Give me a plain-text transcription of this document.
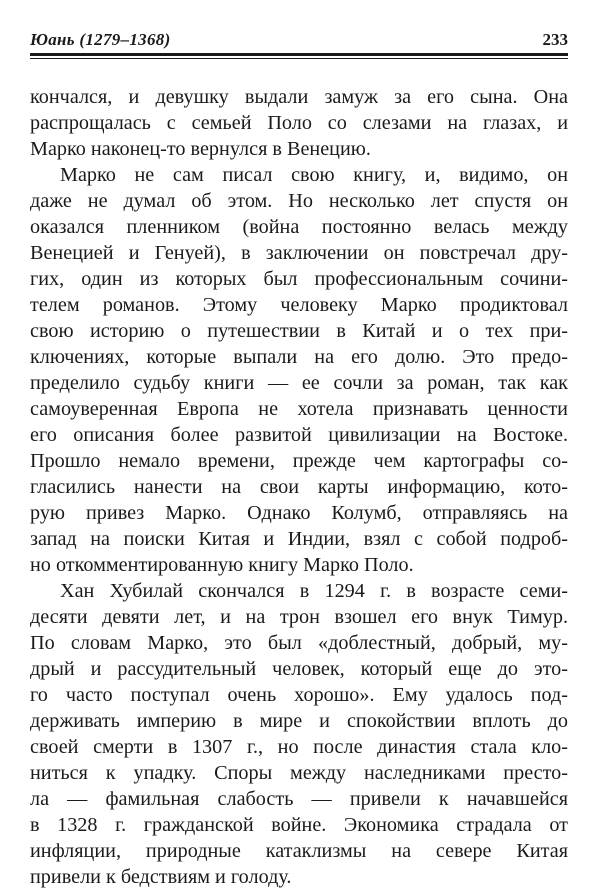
Юань (1279–1368)	233
кончался, и девушку выдали замуж за его сына. Она
распрощалась с семьей Поло со слезами на глазах, и
Марко наконец-то вернулся в Венецию.
Марко не сам писал свою книгу, и, видимо, он
даже не думал об этом. Но несколько лет спустя он
оказался пленником (война постоянно велась между
Венецией и Генуей), в заключении он повстречал дру-
гих, один из которых был профессиональным сочини-
телем романов. Этому человеку Марко продиктовал
свою историю о путешествии в Китай и о тех при-
ключениях, которые выпали на его долю. Это предо-
пределило судьбу книги — ее сочли за роман, так как
самоуверенная Европа не хотела признавать ценности
его описания более развитой цивилизации на Востоке.
Прошло немало времени, прежде чем картографы со-
гласились нанести на свои карты информацию, кото-
рую привез Марко. Однако Колумб, отправляясь на
запад на поиски Китая и Индии, взял с собой подроб-
но откомментированную книгу Марко Поло.
Хан Хубилай скончался в 1294 г. в возрасте семи-
десяти девяти лет, и на трон взошел его внук Тимур.
По словам Марко, это был «доблестный, добрый, му-
дрый и рассудительный человек, который еще до это-
го часто поступал очень хорошо». Ему удалось под-
держивать империю в мире и спокойствии вплоть до
своей смерти в 1307 г., но после династия стала кло-
ниться к упадку. Споры между наследниками престо-
ла — фамильная слабость — привели к начавшейся
в 1328 г. гражданской войне. Экономика страдала от
инфляции, природные катаклизмы на севере Китая
привели к бедствиям и голоду.
